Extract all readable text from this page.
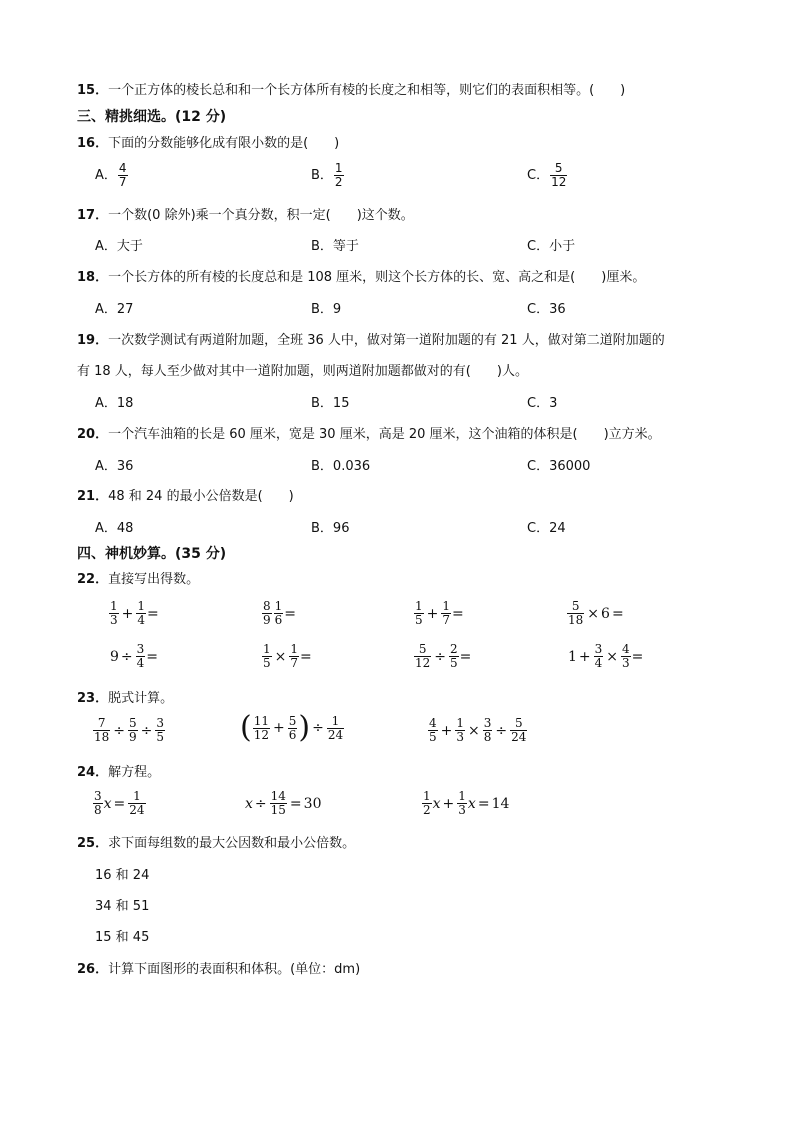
15．一个正方体的棱长总和和一个长方体所有棱的长度之和相等，则它们的表面积相等。(　　)
三、精挑细选。(12 分)
16．下面的分数能够化成有限小数的是(　　)
A． $\frac{4}{7}$	B． $\frac{1}{2}$	C． $\frac{5}{12}$
17．一个数(0 除外)乘一个真分数，积一定(　　)这个数。
A．大于	B．等于	C．小于
18．一个长方体的所有棱的长度总和是 108 厘米，则这个长方体的长、宽、高之和是(　　)厘米。
A．27	B．9	C．36
19．一次数学测试有两道附加题，全班 36 人中，做对第一道附加题的有 21 人，做对第二道附加题的
有 18 人，每人至少做对其中一道附加题，则两道附加题都做对的有(　　)人。
A．18	B．15	C．3
20．一个汽车油箱的长是 60 厘米，宽是 30 厘米，高是 20 厘米，这个油箱的体积是(　　)立方米。
A．36	B．0.036	C．36000
21．48 和 24 的最小公倍数是(　　)
A．48	B．96	C．24
四、神机妙算。(35 分)
22．直接写出得数。
$\frac{1}{3} + \frac{1}{4}$ =	$\frac{8}{9} \frac{1}{6}$ =	$\frac{1}{5} + \frac{1}{7}$ =	$\frac{5}{18} \times 6$ =
$9 \div \frac{3}{4}$ =	$\frac{1}{5} \times \frac{1}{7}$ =	$\frac{5}{12} \div \frac{2}{5}$ =	$1 + \frac{3}{4} \times \frac{4}{3}$ =
23．脱式计算。
$\frac{7}{18} \div \frac{5}{9} \div \frac{3}{5}$ ( $\frac{11}{12} + \frac{5}{6}$ ) ÷ $\frac{1}{24}$	$\frac{4}{5} + \frac{1}{3} \times \frac{3}{8} \div \frac{5}{24}$
24．解方程。
$\frac{3}{8}$ $x = \frac{1}{24}$	$x \div \frac{14}{15} = 30$	$\frac{1}{2}$ $x + \frac{1}{3}$ x = 14
25．求下面每组数的最大公因数和最小公倍数。
16 和 24
34 和 51
15 和 45
26．计算下面图形的表面积和体积。(单位：dm)
